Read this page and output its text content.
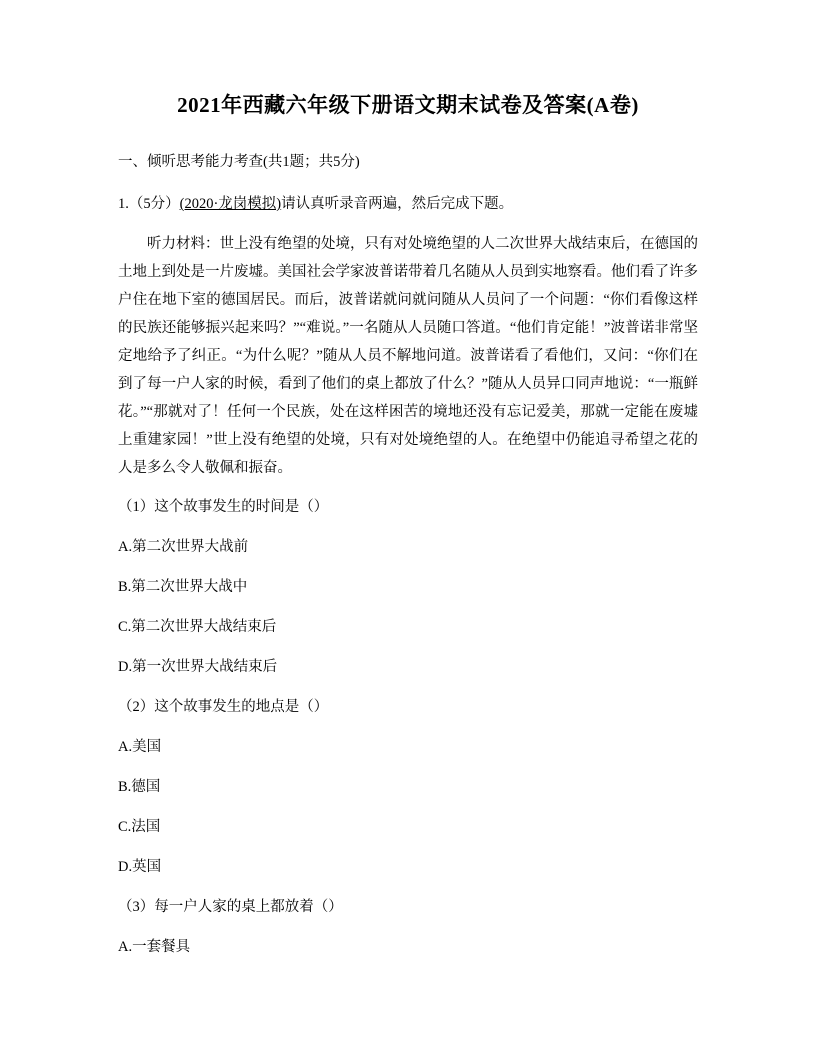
2021年西藏六年级下册语文期末试卷及答案(A卷)

一、倾听思考能力考查(共1题；共5分)

1.（5分）(2020·龙岗模拟)请认真听录音两遍，然后完成下题。

听力材料：世上没有绝望的处境，只有对处境绝望的人二次世界大战结束后，在德国的土地上到处是一片废墟。美国社会学家波普诺带着几名随从人员到实地察看。他们看了许多户住在地下室的德国居民。而后，波普诺就问就问随从人员问了一个问题：“你们看像这样的民族还能够振兴起来吗？”“难说。”一名随从人员随口答道。“他们肯定能！”波普诺非常坚定地给予了纠正。“为什么呢？”随从人员不解地问道。波普诺看了看他们，又问：“你们在到了每一户人家的时候，看到了他们的桌上都放了什么？”随从人员异口同声地说：“一瓶鲜花。”“那就对了！任何一个民族，处在这样困苦的境地还没有忘记爱美，那就一定能在废墟上重建家园！”世上没有绝望的处境，只有对处境绝望的人。在绝望中仍能追寻希望之花的人是多么令人敬佩和振奋。

（1）这个故事发生的时间是（）

A.第二次世界大战前

B.第二次世界大战中

C.第二次世界大战结束后

D.第一次世界大战结束后

（2）这个故事发生的地点是（）

A.美国

B.德国

C.法国

D.英国

（3）每一户人家的桌上都放着（）

A.一套餐具
